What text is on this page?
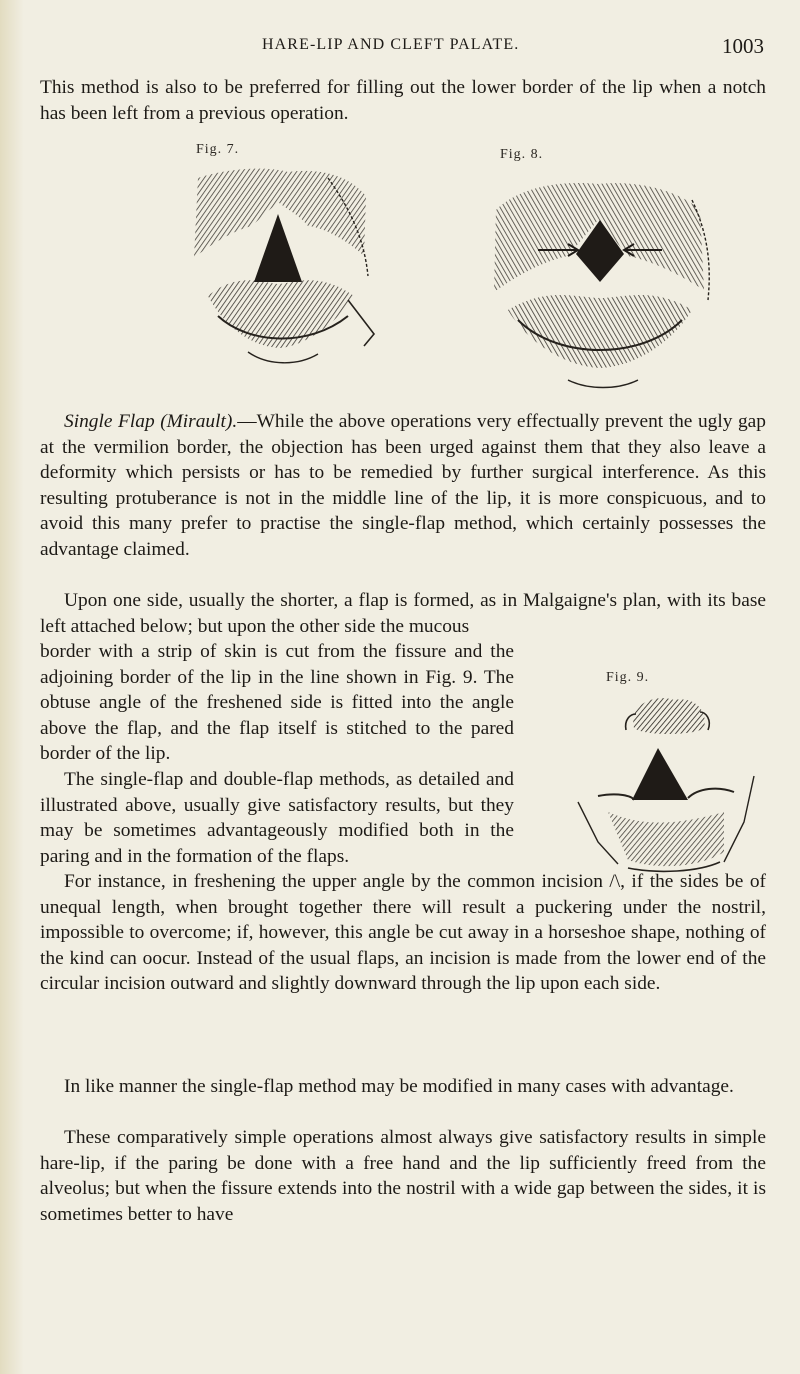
HARE-LIP AND CLEFT PALATE.	1003

This method is also to be preferred for filling out the lower border of the lip when a notch has been left from a previous operation.

Fig. 7.	Fig. 8.

Single Flap (Mirault).—While the above operations very effectually prevent the ugly gap at the vermilion border, the objection has been urged against them that they also leave a deformity which persists or has to be remedied by further surgical interference. As this resulting protuberance is not in the middle line of the lip, it is more conspicuous, and to avoid this many prefer to practise the single-flap method, which certainly possesses the advantage claimed.

Upon one side, usually the shorter, a flap is formed, as in Malgaigne's plan, with its base left attached below; but upon the other side the mucous

border with a strip of skin is cut from the fissure and the adjoining border of the lip in the line shown in Fig. 9. The obtuse angle of the freshened side is fitted into the angle above the flap, and the flap itself is stitched to the pared border of the lip.

The single-flap and double-flap methods, as detailed and illustrated above, usually give satisfactory results, but they may be sometimes advantageously modified both in the paring and in the formation of the flaps.

Fig. 9.

For instance, in freshening the upper angle by the common incision /\, if the sides be of unequal length, when brought together there will result a puckering under the nostril, impossible to overcome; if, however, this angle be cut away in a horseshoe shape, nothing of the kind can oocur. Instead of the usual flaps, an incision is made from the lower end of the circular incision outward and slightly downward through the lip upon each side.

In like manner the single-flap method may be modified in many cases with advantage.

These comparatively simple operations almost always give satisfactory results in simple hare-lip, if the paring be done with a free hand and the lip sufficiently freed from the alveolus; but when the fissure extends into the nostril with a wide gap between the sides, it is sometimes better to have
